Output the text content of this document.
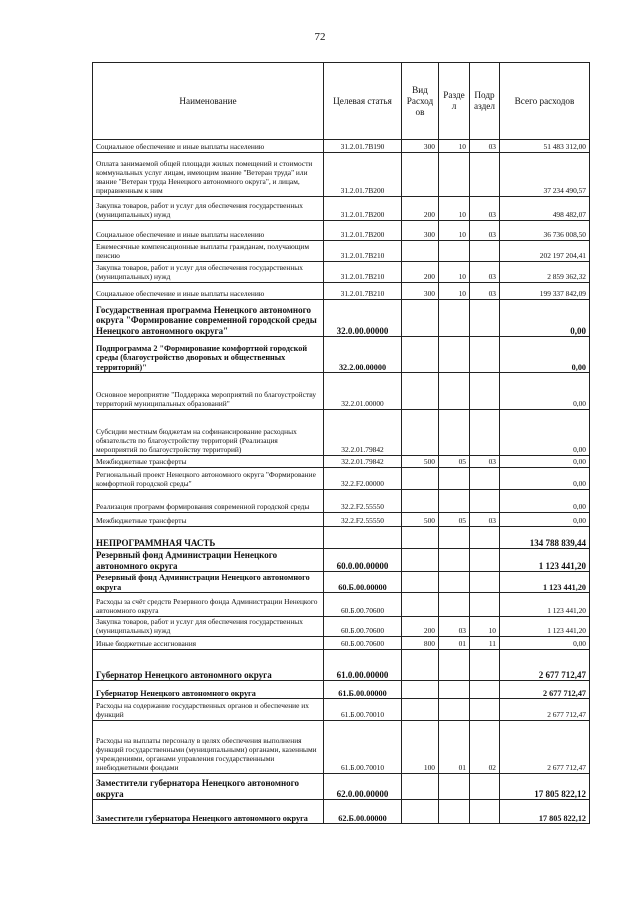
72
Наименование	Целевая статья	Вид Расход ов	Разде л	Подр аздел	Всего расходов
Социальное обеспечение и иные выплаты населению	31.2.01.7В190	300	10	03	51 483 312,00
Оплата занимаемой общей площади жилых помещений и стоимости коммунальных услуг лицам, имеющим звание "Ветеран труда" или звание "Ветеран труда Ненецкого автономного округа", и лицам, приравненным к ним	31.2.01.7В200				37 234 490,57
Закупка товаров, работ и услуг для обеспечения государственных (муниципальных) нужд	31.2.01.7В200	200	10	03	498 482,07
Социальное обеспечение и иные выплаты населению	31.2.01.7В200	300	10	03	36 736 008,50
Ежемесячные компенсационные выплаты гражданам, получающим пенсию	31.2.01.7В210				202 197 204,41
Закупка товаров, работ и услуг для обеспечения государственных (муниципальных) нужд	31.2.01.7В210	200	10	03	2 859 362,32
Социальное обеспечение и иные выплаты населению	31.2.01.7В210	300	10	03	199 337 842,09
Государственная программа Ненецкого автономного округа "Формирование современной городской среды Ненецкого автономного округа"	32.0.00.00000				0,00
Подпрограмма 2 "Формирование комфортной городской среды (благоустройство дворовых и общественных территорий)"	32.2.00.00000				0,00
Основное мероприятие "Поддержка мероприятий по благоустройству территорий муниципальных образований"	32.2.01.00000				0,00
Субсидии местным бюджетам на софинансирование расходных обязательств по благоустройству территорий (Реализация мероприятий по благоустройству территорий)	32.2.01.79842				0,00
Межбюджетные трансферты	32.2.01.79842	500	05	03	0,00
Региональный проект Ненецкого автономного округа "Формирование комфортной городской среды"	32.2.F2.00000				0,00
Реализация программ формирования современной городской среды	32.2.F2.55550				0,00
Межбюджетные трансферты	32.2.F2.55550	500	05	03	0,00
НЕПРОГРАММНАЯ ЧАСТЬ					134 788 839,44
Резервный фонд Администрации Ненецкого автономного округа	60.0.00.00000				1 123 441,20
Резервный фонд Администрации Ненецкого автономного округа	60.Б.00.00000				1 123 441,20
Расходы за счёт средств Резервного фонда Администрации Ненецкого автономного округа	60.Б.00.70600				1 123 441,20
Закупка товаров, работ и услуг для обеспечения государственных (муниципальных) нужд	60.Б.00.70600	200	03	10	1 123 441,20
Иные бюджетные ассигнования	60.Б.00.70600	800	01	11	0,00
Губернатор Ненецкого автономного округа	61.0.00.00000				2 677 712,47
Губернатор Ненецкого автономного округа	61.Б.00.00000				2 677 712,47
Расходы на содержание государственных органов и обеспечение их функций	61.Б.00.70010				2 677 712,47
Расходы на выплаты персоналу в целях обеспечения выполнения функций государственными (муниципальными) органами, казенными учреждениями, органами управления государственными внебюджетными фондами	61.Б.00.70010	100	01	02	2 677 712,47
Заместители губернатора Ненецкого автономного округа	62.0.00.00000				17 805 822,12
Заместители губернатора Ненецкого автономного округа	62.Б.00.00000				17 805 822,12
